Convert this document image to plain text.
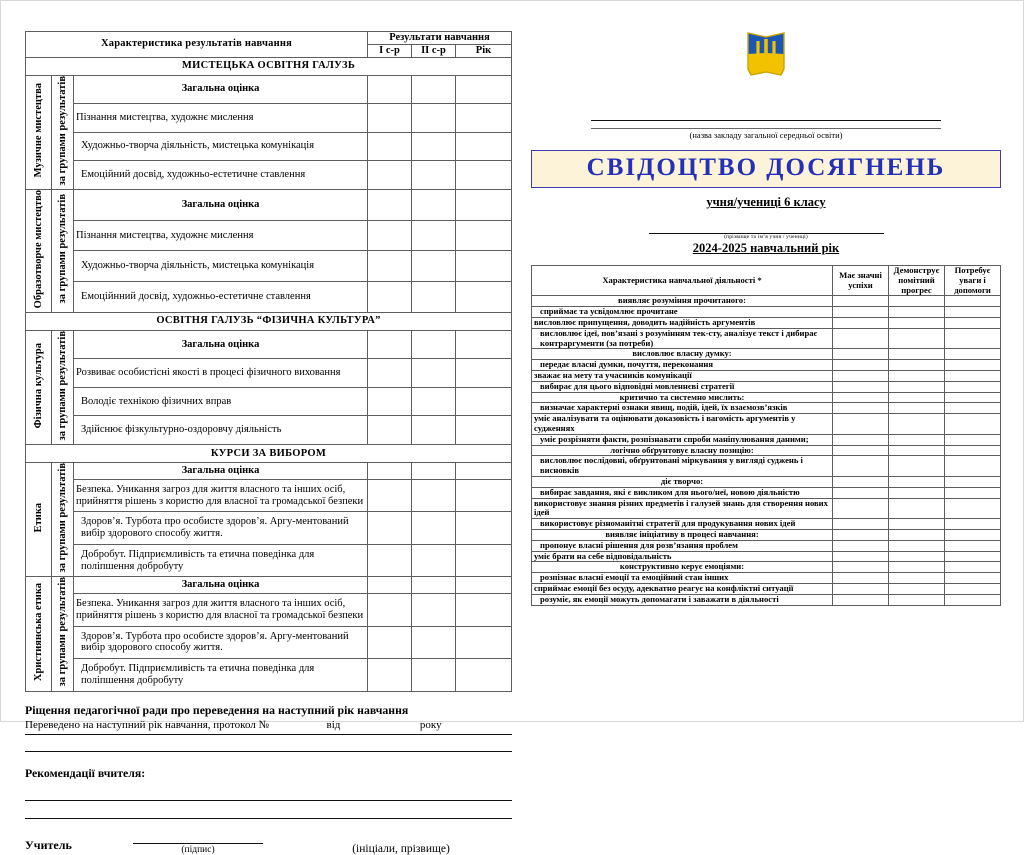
Характеристика результатів навчання			Результати навчання		
			I с-р	II с-р	Рік
МИСТЕЦЬКА ОСВІТНЯ ГАЛУЗЬ					
Музичне мистецтва	за групами результатів	Загальна оцінка			
		Пізнання мистецтва, художнє мислення			
		Художньо-творча діяльність, мистецька комунікація			
		Емоційний досвід, художньо-естетичне ставлення			
Образотворче мистецтво	за групами результатів	Загальна оцінка			
		Пізнання мистецтва, художнє мислення			
		Художньо-творча діяльність, мистецька комунікація			
		Емоційнний досвід, художньо-естетичне ставлення			
ОСВІТНЯ ГАЛУЗЬ “ФІЗИЧНА КУЛЬТУРА”					
Фізична культура	за групами результатів	Загальна оцінка			
		Розвиває особистісні якості в процесі фізичного виховання			
		Володіє технікою фізичних вправ			
		Здійснює фізкультурно-оздоровчу діяльність			
КУРСИ ЗА ВИБОРОМ					
Етика	за групами результатів	Загальна оцінка			
		Безпека. Уникання загроз для життя власного та інших осіб, прийняття рішень з користю для власної та громадської безпеки			
		Здоров’я. Турбота про особисте здоров’я. Аргу-ментований вибір здорового способу життя.			
		Добробут. Підприємливість та етична поведінка для поліпшення добробуту			
Християнська етика	за групами результатів	Загальна оцінка			
		Безпека. Уникання загроз для життя власного та інших осіб, прийняття рішень з користю для власної та громадської безпеки			
		Здоров’я. Турбота про особисте здоров’я. Аргу-ментований вибір здорового способу життя.			
		Добробут. Підприємливість та етична поведінка для поліпшення добробуту			
Ріщення педагогічної ради про переведення на наступний рік навчання
Переведено на наступний рік навчання, протокол №	від	року
Рекомендації вчителя:
Учитель	(підпис)	(ініціали, прізвище)
(назва закладу загальної середньої освіти)
СВІДОЦТВО ДОСЯГНЕНЬ
учня/учениці 6 класу
(прізвище та ім’я учня / учениці)
2024-2025 навчальний рік
Характеристика навчальної діяльності *	Має значні успіхи	Демонструє помітний прогрес	Потребує уваги і допомоги
виявляє розуміння прочитаного:			
сприймає та усвідомлює прочитане			
висловлює припущення, доводить надійність аргументів			
висловлює ідеї, пов’язані з розумінням тек-сту, аналізує текст і дибирає контраргументи (за потреби)			
висловлює власну думку:			
передає власні думки, почуття, переконання			
зважає на мету та учасників комунікації			
вибирає для цього відповідні мовленнєві стратегії			
критично та системно мислить:			
визначає характерні ознаки явищ, подій, ідей, їх взаємозв’язків			
уміє аналізувати та оцінювати доказовість і вагомість аргументів у судженнях			
уміє розрізняти факти, розпізнавати спроби маніпулювання даними;			
логічно обґрунтовує власну позицію:			
висловлює послідовні, обґрунтовані міркування у вигляді суджень і висновків			
діє творчо:			
вибирає завдання, які є викликом для нього/неї, новою діяльністю			
використовує знання різних предметів і галузей знань для створення нових ідей			
використовує різноманітні стратегії для продукування нових ідей			
виявляє ініціативу в процесі навчання:			
пропонує власні рішення для розв’язання проблем			
уміє брати на себе відповідальність			
конструктивно керує емоціями:			
розпізнає власні емоції та емоційний стан інших			
сприймає емоції без осуду, адекватно реагує на конфліктні ситуації			
розуміє, як емоції можуть допомагати і заважати в діяльності			
